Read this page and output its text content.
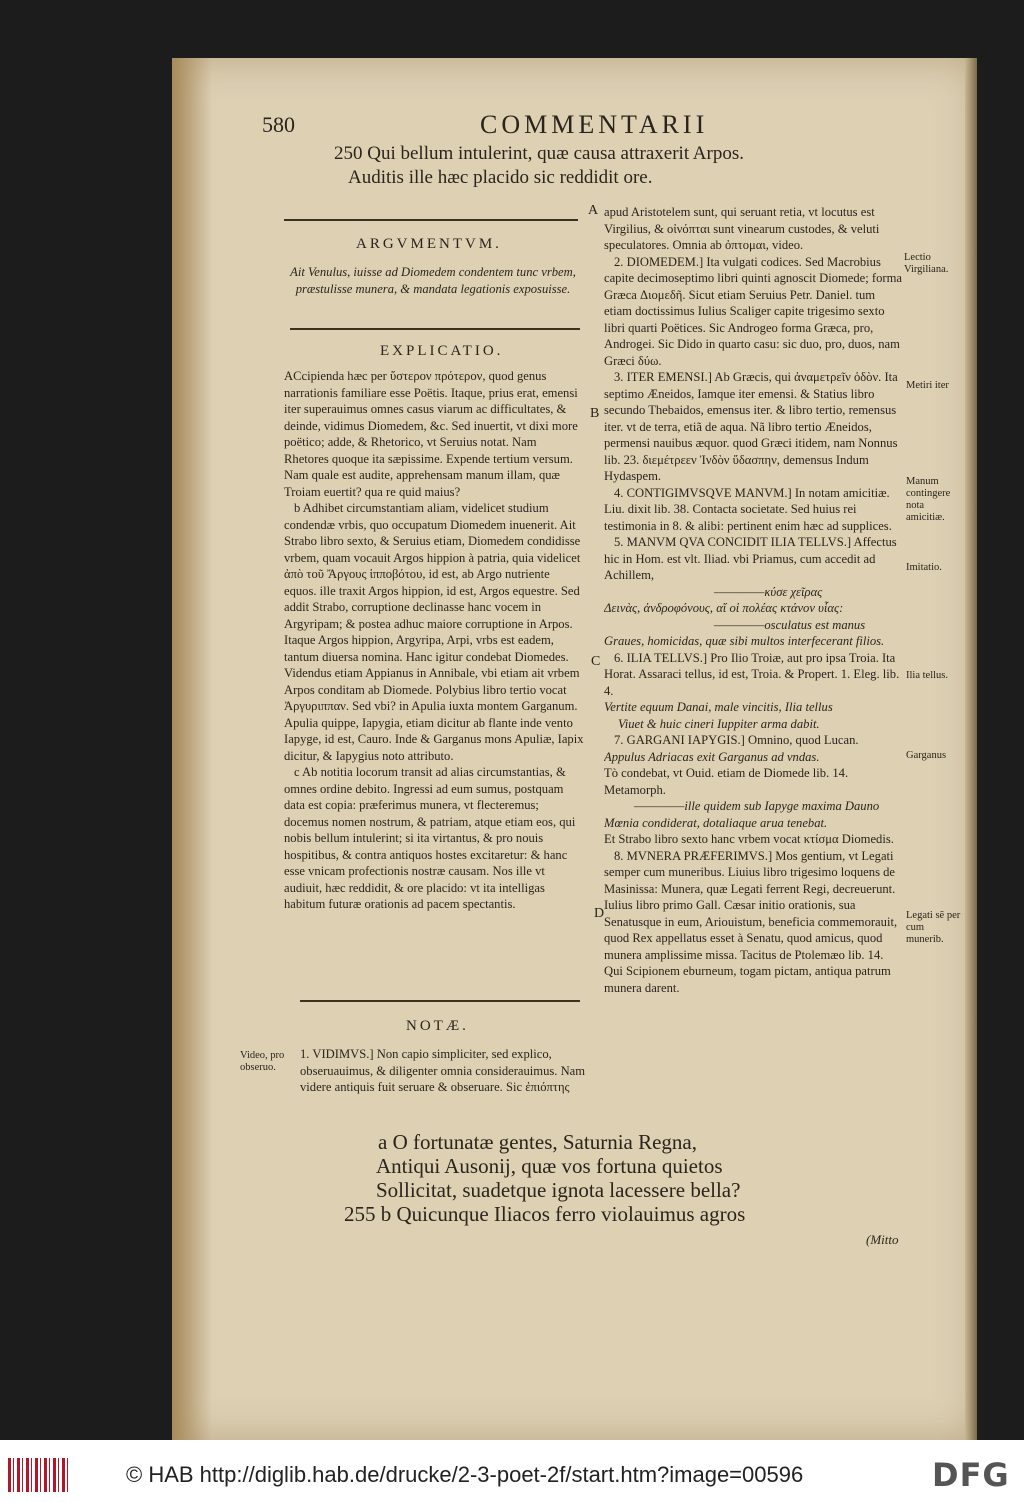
580	COMMENTARII
250 Qui bellum intulerint, quæ causa attraxerit Arpos.
Auditis ille hæc placido sic reddidit ore.
ARGVMENTVM.
Ait Venulus, iuisse ad Diomedem condentem tunc vrbem, præstulisse munera, & mandata legationis exposuisse.
EXPLICATIO.

ACcipienda hæc per ὕστερον πρότερον, quod genus narrationis familiare esse Poëtis. Itaque, prius erat, emensi iter superauimus omnes casus viarum ac difficultates, & deinde, vidimus Diomedem, &c. Sed inuertit, vt dixi more poëtico; adde, & Rhetorico, vt Seruius notat. Nam Rhetores quoque ita sæpissime. Expende tertium versum. Nam quale est audite, apprehensam manum illam, quæ Troiam euertit? qua re quid maius?

b Adhibet circumstantiam aliam, videlicet studium condendæ vrbis, quo occupatum Diomedem inuenerit. Ait Strabo libro sexto, & Seruius etiam, Diomedem condidisse vrbem, quam vocauit Argos hippion à patria, quia videlicet ἀπὸ τοῦ Ἄργους ἱπποβότου, id est, ab Argo nutriente equos. ille traxit Argos hippion, id est, Argos equestre. Sed addit Strabo, corruptione declinasse hanc vocem in Argyripam; & postea adhuc maiore corruptione in Arpos. Itaque Argos hippion, Argyripa, Arpi, vrbs est eadem, tantum diuersa nomina. Hanc igitur condebat Diomedes. Videndus etiam Appianus in Annibale, vbi etiam ait vrbem Arpos conditam ab Diomede. Polybius libro tertio vocat Ἀργυριππαν. Sed vbi? in Apulia iuxta montem Garganum. Apulia quippe, Iapygia, etiam dicitur ab flante inde vento Iapyge, id est, Cauro. Inde & Garganus mons Apuliæ, Iapix dicitur, & Iapygius noto attributo.

c Ab notitia locorum transit ad alias circumstantias, & omnes ordine debito. Ingressi ad eum sumus, postquam data est copia: præferimus munera, vt flecteremus; docemus nomen nostrum, & patriam, atque etiam eos, qui nobis bellum intulerint; si ita virtantus, & pro nouis hospitibus, & contra antiquos hostes excitaretur: & hanc esse vnicam profectionis nostræ causam. Nos ille vt audiuit, hæc reddidit, & ore placido: vt ita intelligas habitum futuræ orationis ad pacem spectantis.

NOTÆ.
Video, pro obseruo.
1. VIDIMVS.] Non capio simpliciter, sed explico, obseruauimus, & diligenter omnia considerauimus. Nam videre antiquis fuit seruare & obseruare. Sic ἐπιόπτης
A
B
C
D

apud Aristotelem sunt, qui seruant retia, vt locutus est Virgilius, & οἰνόπται sunt vinearum custodes, & veluti speculatores. Omnia ab ὀπτομαι, video.

2. DIOMEDEM.] Ita vulgati codices. Sed Macrobius capite decimoseptimo libri quinti agnoscit Diomede; forma Græca Διομεδῆ. Sicut etiam Seruius Petr. Daniel. tum etiam doctissimus Iulius Scaliger capite trigesimo sexto libri quarti Poëtices. Sic Androgeo forma Græca, pro, Androgei. Sic Dido in quarto casu: sic duo, pro, duos, nam Græci δύω.

3. ITER EMENSI.] Ab Græcis, qui ἀναμετρεῖν ὁδὸν. Ita septimo Æneidos, Iamque iter emensi. & Statius libro secundo Thebaidos, emensus iter. & libro tertio, remensus iter. vt de terra, etiã de aqua. Nã libro tertio Æneidos, permensi nauibus æquor. quod Græci itidem, nam Nonnus lib. 23. διεμέτρεεν Ἰνδὸν ὕδασπην, demensus Indum Hydaspem.

4. CONTIGIMVSQVE MANVM.] In notam amicitiæ. Liu. dixit lib. 38. Contacta societate. Sed huius rei testimonia in 8. & alibi: pertinent enim hæc ad supplices.

5. MANVM QVA CONCIDIT ILIA TELLVS.] Affectus hic in Hom. est vlt. Iliad. vbi Priamus, cum accedit ad Achillem,

――――κύσε χεῖρας

Δεινὰς, ἀνδροφόνους, αἵ οἱ πολέας κτάνον υἷας:

――――osculatus est manus

Graues, homicidas, quæ sibi multos interfecerant filios.

6. ILIA TELLVS.] Pro Ilio Troiæ, aut pro ipsa Troia. Ita Horat. Assaraci tellus, id est, Troia. & Propert. 1. Eleg. lib. 4.

Vertite equum Danai, male vincitis, Ilia tellus

Viuet & huic cineri Iuppiter arma dabit.

7. GARGANI IAPYGIS.] Omnino, quod Lucan.

Appulus Adriacas exit Garganus ad vndas.

Tò condebat, vt Ouid. etiam de Diomede lib. 14. Metamorph.

――――ille quidem sub Iapyge maxima Dauno

Mœnia condiderat, dotaliaque arua tenebat.

Et Strabo libro sexto hanc vrbem vocat κτίσμα Diomedis.

8. MVNERA PRÆFERIMVS.] Mos gentium, vt Legati semper cum muneribus. Liuius libro trigesimo loquens de Masinissa: Munera, quæ Legati ferrent Regi, decreuerunt. Iulius libro primo Gall. Cæsar initio orationis, sua Senatusque in eum, Ariouistum, beneficia commemorauit, quod Rex appellatus esset à Senatu, quod amicus, quod munera amplissime missa. Tacitus de Ptolemæo lib. 14. Qui Scipionem eburneum, togam pictam, antiqua patrum munera darent.

Lectio Virgiliana.
Metiri iter
Manum contingere nota amicitiæ.
Imitatio.
Ilia tellus.
Garganus
Legati sẽ per cum munerib.
a O fortunatæ gentes, Saturnia Regna,
Antiqui Ausonij, quæ vos fortuna quietos
Sollicitat, suadetque ignota lacessere bella?
255 b Quicunque Iliacos ferro violauimus agros
(Mitto
© HAB http://diglib.hab.de/drucke/2-3-poet-2f/start.htm?image=00596	DFG
